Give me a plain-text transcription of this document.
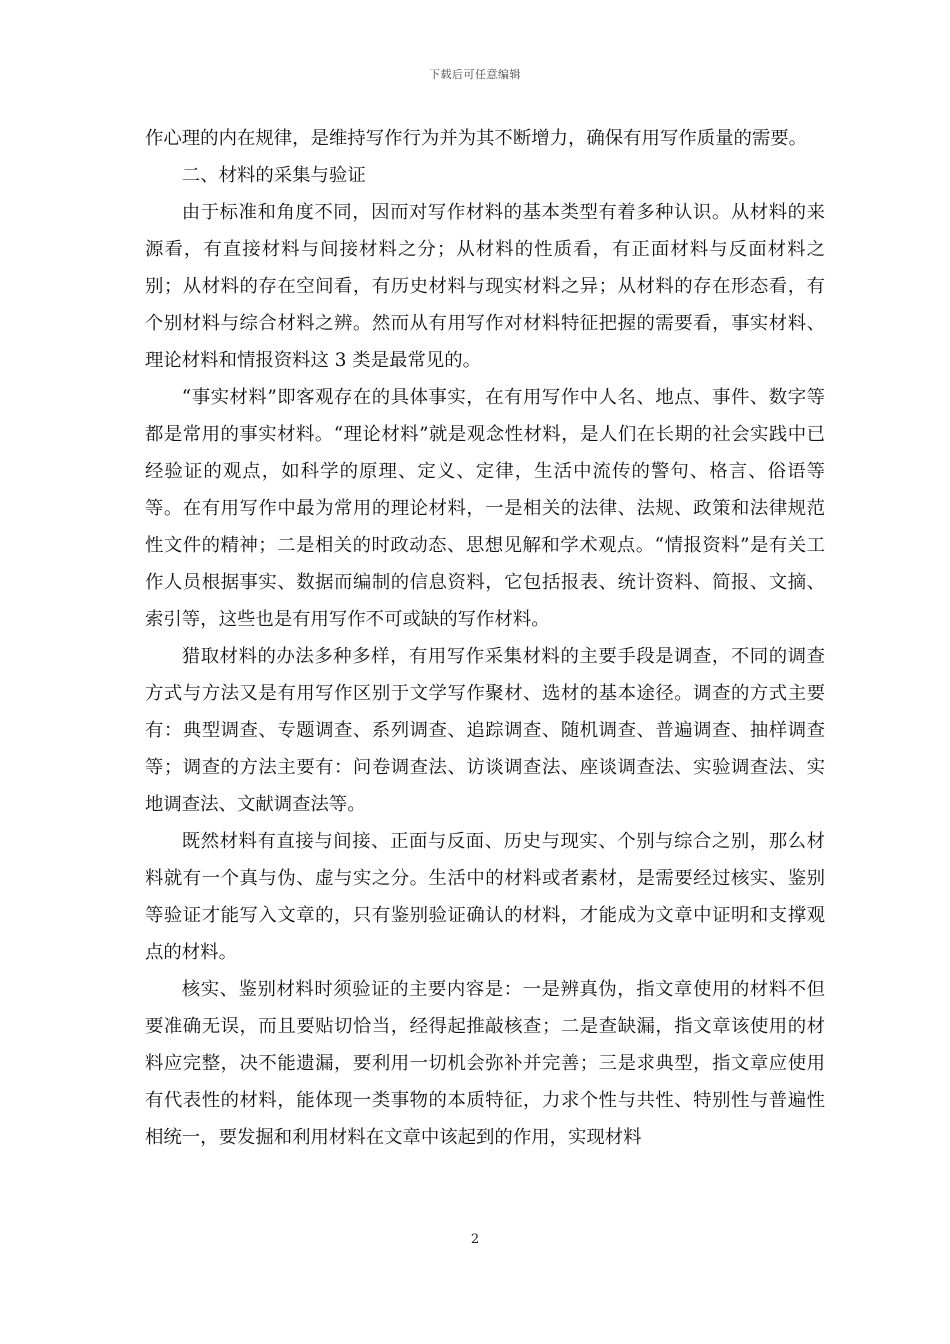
下载后可任意编辑

作心理的内在规律，是维持写作行为并为其不断增力，确保有用写作质量的需要。

二、材料的采集与验证

由于标准和角度不同，因而对写作材料的基本类型有着多种认识。从材料的来源看，有直接材料与间接材料之分；从材料的性质看，有正面材料与反面材料之别；从材料的存在空间看，有历史材料与现实材料之异；从材料的存在形态看，有个别材料与综合材料之辨。然而从有用写作对材料特征把握的需要看，事实材料、理论材料和情报资料这 3 类是最常见的。

“事实材料”即客观存在的具体事实，在有用写作中人名、地点、事件、数字等都是常用的事实材料。“理论材料”就是观念性材料，是人们在长期的社会实践中已经验证的观点，如科学的原理、定义、定律，生活中流传的警句、格言、俗语等等。在有用写作中最为常用的理论材料，一是相关的法律、法规、政策和法律规范性文件的精神；二是相关的时政动态、思想见解和学术观点。“情报资料”是有关工作人员根据事实、数据而编制的信息资料，它包括报表、统计资料、简报、文摘、索引等，这些也是有用写作不可或缺的写作材料。

猎取材料的办法多种多样，有用写作采集材料的主要手段是调查，不同的调查方式与方法又是有用写作区别于文学写作聚材、选材的基本途径。调查的方式主要有：典型调查、专题调查、系列调查、追踪调查、随机调查、普遍调查、抽样调查等；调查的方法主要有：问卷调查法、访谈调查法、座谈调查法、实验调查法、实地调查法、文献调查法等。

既然材料有直接与间接、正面与反面、历史与现实、个别与综合之别，那么材料就有一个真与伪、虚与实之分。生活中的材料或者素材，是需要经过核实、鉴别等验证才能写入文章的，只有鉴别验证确认的材料，才能成为文章中证明和支撑观点的材料。

核实、鉴别材料时须验证的主要内容是：一是辨真伪，指文章使用的材料不但要准确无误，而且要贴切恰当，经得起推敲核查；二是查缺漏，指文章该使用的材料应完整，决不能遗漏，要利用一切机会弥补并完善；三是求典型，指文章应使用有代表性的材料，能体现一类事物的本质特征，力求个性与共性、特别性与普遍性相统一，要发掘和利用材料在文章中该起到的作用，实现材料

2
